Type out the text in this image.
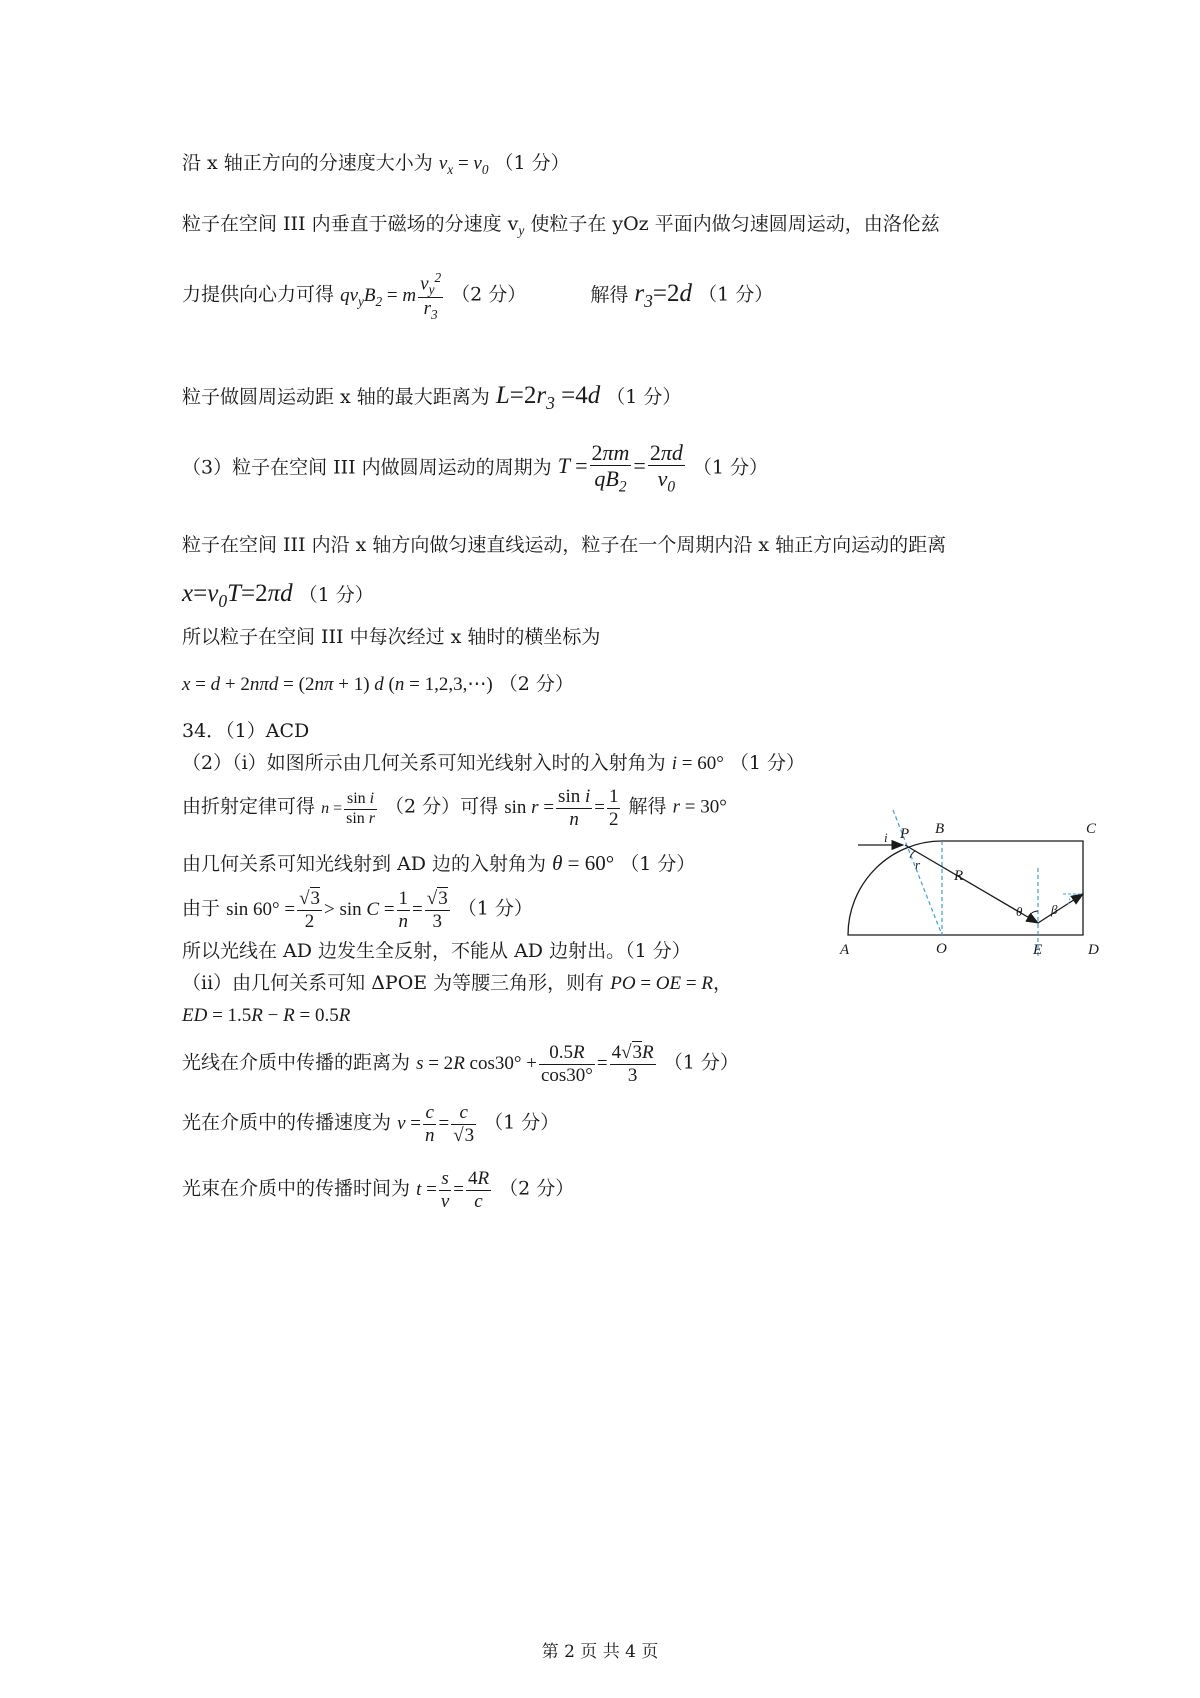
沿 x 轴正方向的分速度大小为 $v_x = v_0$ （1 分）
粒子在空间 III 内垂直于磁场的分速度 $v_y$ 使粒子在 yOz 平面内做匀速圆周运动，由洛伦兹
力提供向心力可得 $qv_yB_2 = m \frac{v_y^2}{r_3} (2$ 分）	解得 $r_3=2d$ （1 分）
粒子做圆周运动距 x 轴的最大距离为 $L=2r_3 =4d$ （1 分）
（3）粒子在空间 III 内做圆周运动的周期为 $T = \frac{2\pi m}{qB_2} = \frac{2\pi d}{v_0} (1$ 分）
粒子在空间 III 内沿 x 轴方向做匀速直线运动，粒子在一个周期内沿 x 轴正方向运动的距离
$x=v_0T=2\pi d$ （1 分）
所以粒子在空间 III 中每次经过 x 轴时的横坐标为
x = d + 2nπd = (2nπ + 1) d (n = 1,2,3,⋯) （2 分）
34．（1）ACD
（2）（i）如图所示由几何关系可知光线射入时的入射角为 i = 60° （1 分）
由折射定律可得 $n = \frac{\text{sin i}}{\text{sin r}} (2$ 分）可得 $\sin r = \frac{\text{sin i}}{n} = \frac{1}{2}$ 解得 r = 30°
由几何关系可知光线射到 AD 边的入射角为 θ = 60° （1 分）
由于 $\sin 60^\circ = \frac{√3}{2} > \sin C = \frac{1}{n} = \frac{√3}{3} (1$ 分）
所以光线在 AD 边发生全反射，不能从 AD 边射出。（1 分）
（ii）由几何关系可知 ΔPOE 为等腰三角形，则有 PO = OE = R，
ED = 1.5R − R = 0.5R
光线在介质中传播的距离为 s = 2R $\cos 30^\circ + \frac{0.5R}{\cos 30^\circ} = \frac{4√3R}{3} (1$ 分）
光在介质中的传播速度为 $v = \frac{c}{n} = \frac{c}{√3} (1$ 分）
光束在介质中的传播时间为 $t = \frac{s}{v} = \frac{4R}{c} (2$ 分）
A	O	E	D
B	C
P
R
i
r
θ β
第 2 页 共 4 页
